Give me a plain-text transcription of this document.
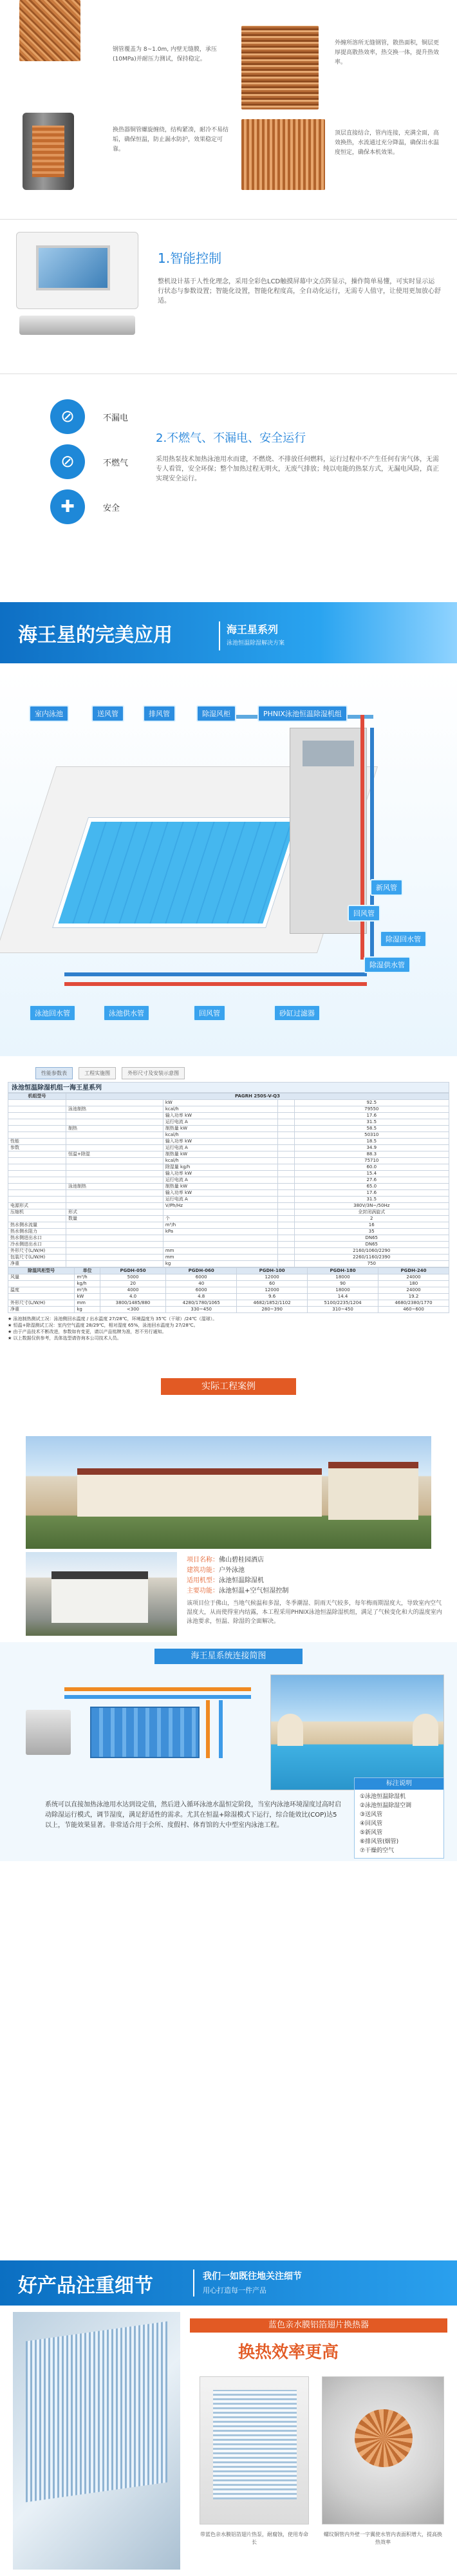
钢管覆盖为 8~1.0m, 内壁无缝膜，承压(10MPa)并耐压力测试，保持稳定。
外缠所溶所无缝钢管，散热面积，铜层更厚提高散热效率，热交换一体，提升热效率。
换热器铜管螺旋缠绕，结构紧凑，耐冷不易结垢，确保恒温，防止漏水防护，效果稳定可靠。
顶层直接结合，管内连接，充满全面，高效换热，水流通过充分降温，确保出水温度恒定，确保本机效果。
1.智能控制
整机设计基于人性化理念，采用全彩色LCD触摸屏幕中文点阵显示，操作简单易懂，可实时显示运行状态与参数设置；智能化设置，智能化程度高，全自动化运行，无需专人值守，让使用更加放心舒适。
⊘	不漏电
⊘	不燃气
✚	安全
2.不燃气、不漏电、安全运行
采用热泵技术加热泳池用水而建，不燃烧、不排放任何燃料，运行过程中不产生任何有害气体，无需专人看管，安全环保；整个加热过程无明火，无废气排放；纯以电能的热泵方式，无漏电风险，真正实现安全运行。
海王星的完美应用	海王星系列
泳池恒温除湿解决方案
室内泳池	送风管	排风管	除湿风柜	PHNIX泳池恒温除湿机组
新风管
回风管
除湿回水管
除湿供水管
泳池回水管	泳池供水管	回风管	砂缸过滤器
性能参数表	工程实施图	外形尺寸及安装示意图
泳池恒温除湿机组一海王星系列
机组型号	PAGRH 250S-V-Q3			
		kW		92.5
	泳池制热	kcal/h		79550
		输入功率 kW		17.6
		运行电流 A		31.5
	制热	制热量 kW		58.5
		kcal/h		50310
性能		输入功率 kW		18.5
参数		运行电流 A		34.9
	恒温+除湿	制热量 kW		88.3
		kcal/h		75710
		除湿量 kg/h		60.0
		输入功率 kW		15.4
		运行电流 A		27.6
	泳池制热	制热量 kW		65.0
		输入功率 kW		17.6
		运行电流 A		31.5
电源形式		V/Ph/Hz		380V/3N~/50Hz
压缩机	形式			全封闭涡旋式
	数量	个		2
热水侧水流量		m³/h		16
热水侧水阻力		kPa		35
热水侧进出水口				DN65
冷水侧进出水口				DN65
外形尺寸(L/W/H)		mm		2160/1060/2290
包装尺寸(L/W/H)		mm		2260/1160/2390
净重		kg		750
除湿风柜型号	单位	PGDH-050	PGDH-060	PGDH-100	PGDH-180	PGDH-240
风量	m³/h	5000	6000	12000	18000	24000
	kg/h	20	40	60	90	180
温度	m³/h	4000	6000	12000	18000	24000
	kW	4.0	4.8	9.6	14.4	19.2
外形尺寸(L/W/H)	mm	3800/1485/880	4280/1780/1065	4682/1852/1102	5100/2235/1204	4680/2380/1770
净重	kg	<300	330~450	280~390	310~450	460~600
★ 泳池制热测试工况：泳池侧回水温度 / 出水温度 27/28℃，环境温度为 35℃（干球）/24℃（湿球）。
★ 恒温+除湿测试工况：室内空气温度 28/29℃，相对湿度 65%，泳池回水温度为 27/28℃。
★ 由于产品技术不断改进，参数如有变更，请以产品铭牌为准，恕不另行通知。
★ 以上数据仅供参考，具体选型请咨询本公司技术人员。
实际工程案例
项目名称：佛山碧桂园酒店
建筑功能：户外泳池
适用机型：泳池恒温除湿机
主要功能：泳池恒温+空气恒湿控制
该项目位于佛山，当地气候温和多湿，冬季潮湿、阴雨天气较多，每年梅雨期湿度大，导致室内空气湿度大，从而使得室内结露，本工程采用PHNIX泳池恒温除湿机组，满足了气候变化和大的温度室内泳池要求，恒温、除湿的全面解决。
海王星系统连接简图
标注说明
①泳池恒温除湿机
②泳池恒温除湿空调
③送风管
④回风管
⑤新风管
⑥排风管(烟管)
⑦干燥的空气
系统可以直接加热泳池用水达到设定值，然后进入循环泳池水温恒定阶段，当室内泳池环境湿度过高时启动除湿运行模式，调节湿度，满足舒适性的需求。尤其在恒温+除湿模式下运行，综合能效比(COP)达5以上，节能效果显著。非常适合用于会所、度假村、体育馆的大中型室内泳池工程。
好产品注重细节	我们一如既往地关注细节
用心打造每一件产品
蓝色亲水膜铝箔翅片换热器
换热效率更高
带蓝色亲水膜铝箔翅片热泵，耐腐蚀，使用寿命长
螺纹铜管内外壁一字翼使水管内表面积增大，提高换热效率
